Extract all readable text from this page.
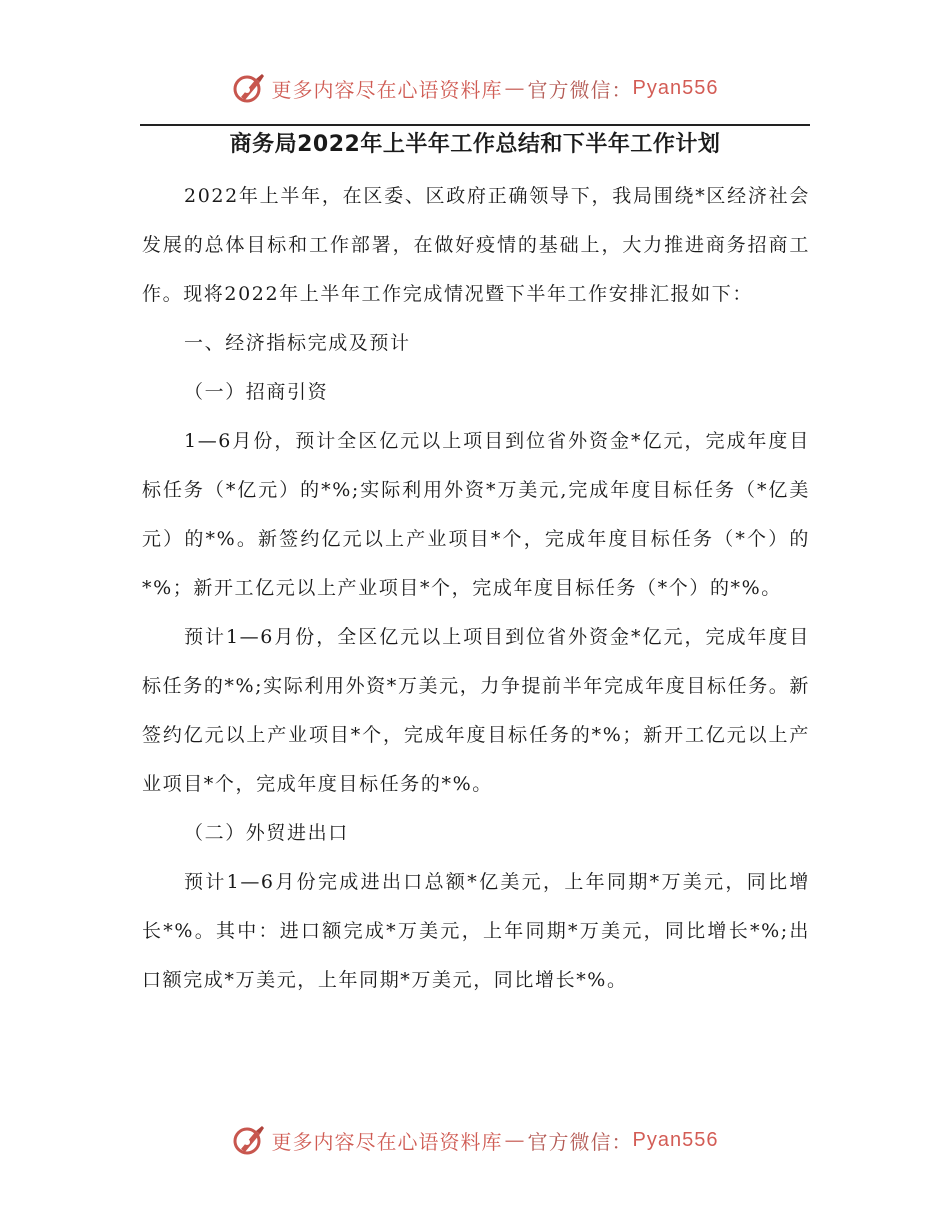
更多内容尽在心语资料库 — 官方微信： Pyan556
商务局2022年上半年工作总结和下半年工作计划

2022年上半年，在区委、区政府正确领导下，我局围绕*区经济社会发展的总体目标和工作部署，在做好疫情的基础上，大力推进商务招商工作。现将2022年上半年工作完成情况暨下半年工作安排汇报如下：

一、经济指标完成及预计

（一）招商引资

1—6月份，预计全区亿元以上项目到位省外资金*亿元，完成年度目标任务（*亿元）的*%;实际利用外资*万美元,完成年度目标任务（*亿美元）的*%。新签约亿元以上产业项目*个，完成年度目标任务（*个）的*%；新开工亿元以上产业项目*个，完成年度目标任务（*个）的*%。

预计1—6月份，全区亿元以上项目到位省外资金*亿元，完成年度目标任务的*%;实际利用外资*万美元，力争提前半年完成年度目标任务。新签约亿元以上产业项目*个，完成年度目标任务的*%；新开工亿元以上产业项目*个，完成年度目标任务的*%。

（二）外贸进出口

预计1—6月份完成进出口总额*亿美元，上年同期*万美元，同比增长*%。其中：进口额完成*万美元，上年同期*万美元，同比增长*%;出口额完成*万美元，上年同期*万美元，同比增长*%。

更多内容尽在心语资料库 — 官方微信： Pyan556
